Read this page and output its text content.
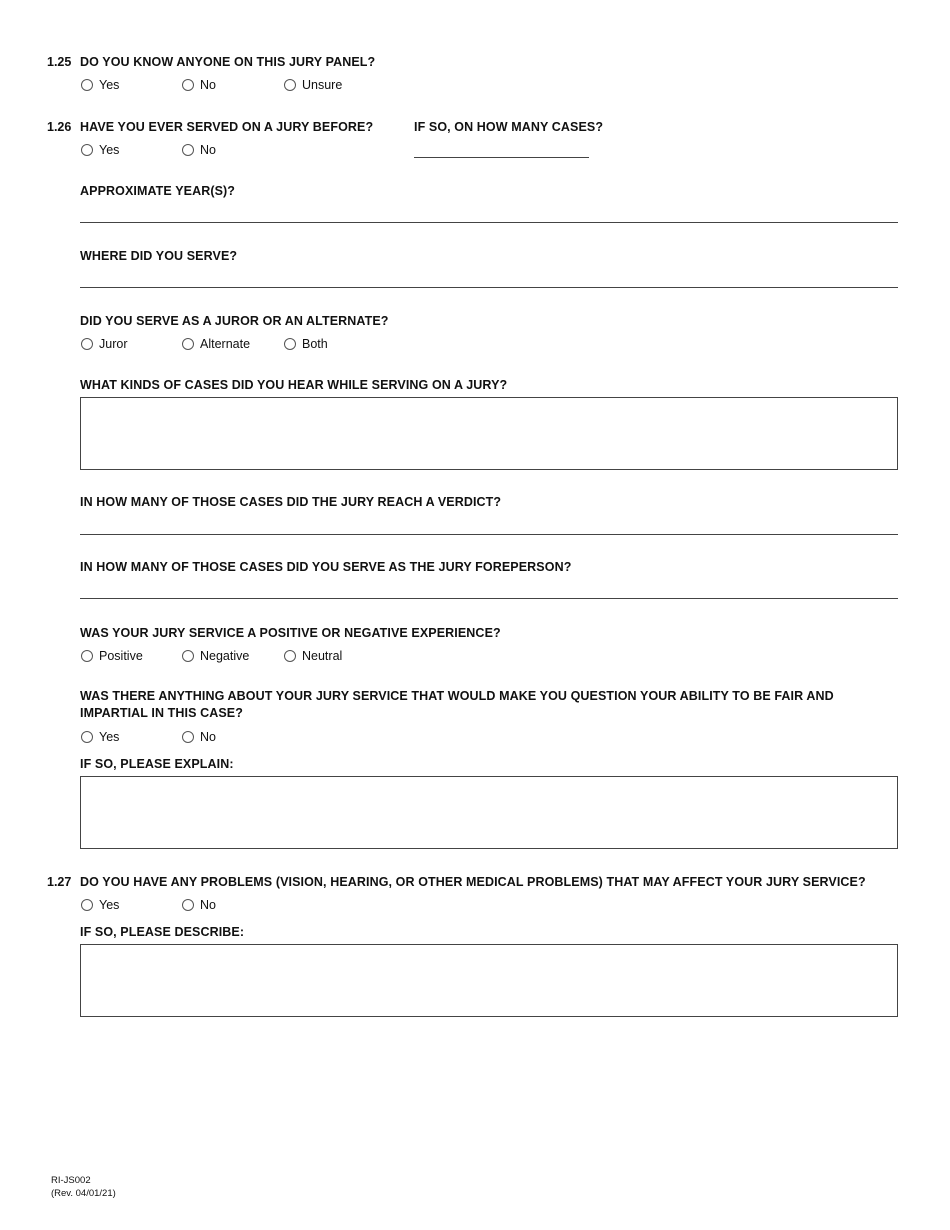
1.25 DO YOU KNOW ANYONE ON THIS JURY PANEL?
Yes	No	Unsure
1.26 HAVE YOU EVER SERVED ON A JURY BEFORE?	IF SO, ON HOW MANY CASES?
Yes	No
APPROXIMATE YEAR(S)?
WHERE DID YOU SERVE?
DID YOU SERVE AS A JUROR OR AN ALTERNATE?
Juror	Alternate	Both
WHAT KINDS OF CASES DID YOU HEAR WHILE SERVING ON A JURY?
IN HOW MANY OF THOSE CASES DID THE JURY REACH A VERDICT?
IN HOW MANY OF THOSE CASES DID YOU SERVE AS THE JURY FOREPERSON?
WAS YOUR JURY SERVICE A POSITIVE OR NEGATIVE EXPERIENCE?
Positive	Negative	Neutral
WAS THERE ANYTHING ABOUT YOUR JURY SERVICE THAT WOULD MAKE YOU QUESTION YOUR ABILITY TO BE FAIR AND IMPARTIAL IN THIS CASE?
Yes	No
IF SO, PLEASE EXPLAIN:
1.27 DO YOU HAVE ANY PROBLEMS (VISION, HEARING, OR OTHER MEDICAL PROBLEMS) THAT MAY AFFECT YOUR JURY SERVICE?
Yes	No
IF SO, PLEASE DESCRIBE:
RI-JS002
(Rev. 04/01/21)
